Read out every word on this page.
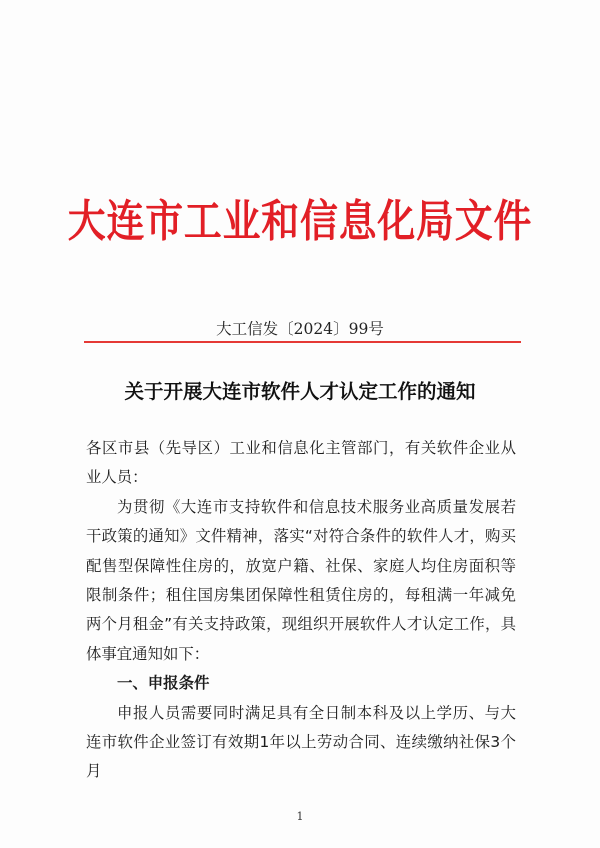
大连市工业和信息化局文件
大工信发〔2024〕99号
关于开展大连市软件人才认定工作的通知

各区市县（先导区）工业和信息化主管部门，有关软件企业从业人员：

为贯彻《大连市支持软件和信息技术服务业高质量发展若干政策的通知》文件精神，落实“对符合条件的软件人才，购买配售型保障性住房的，放宽户籍、社保、家庭人均住房面积等限制条件；租住国房集团保障性租赁住房的，每租满一年减免两个月租金”有关支持政策，现组织开展软件人才认定工作，具体事宜通知如下：

一、申报条件

申报人员需要同时满足具有全日制本科及以上学历、与大连市软件企业签订有效期1年以上劳动合同、连续缴纳社保3个月

1
